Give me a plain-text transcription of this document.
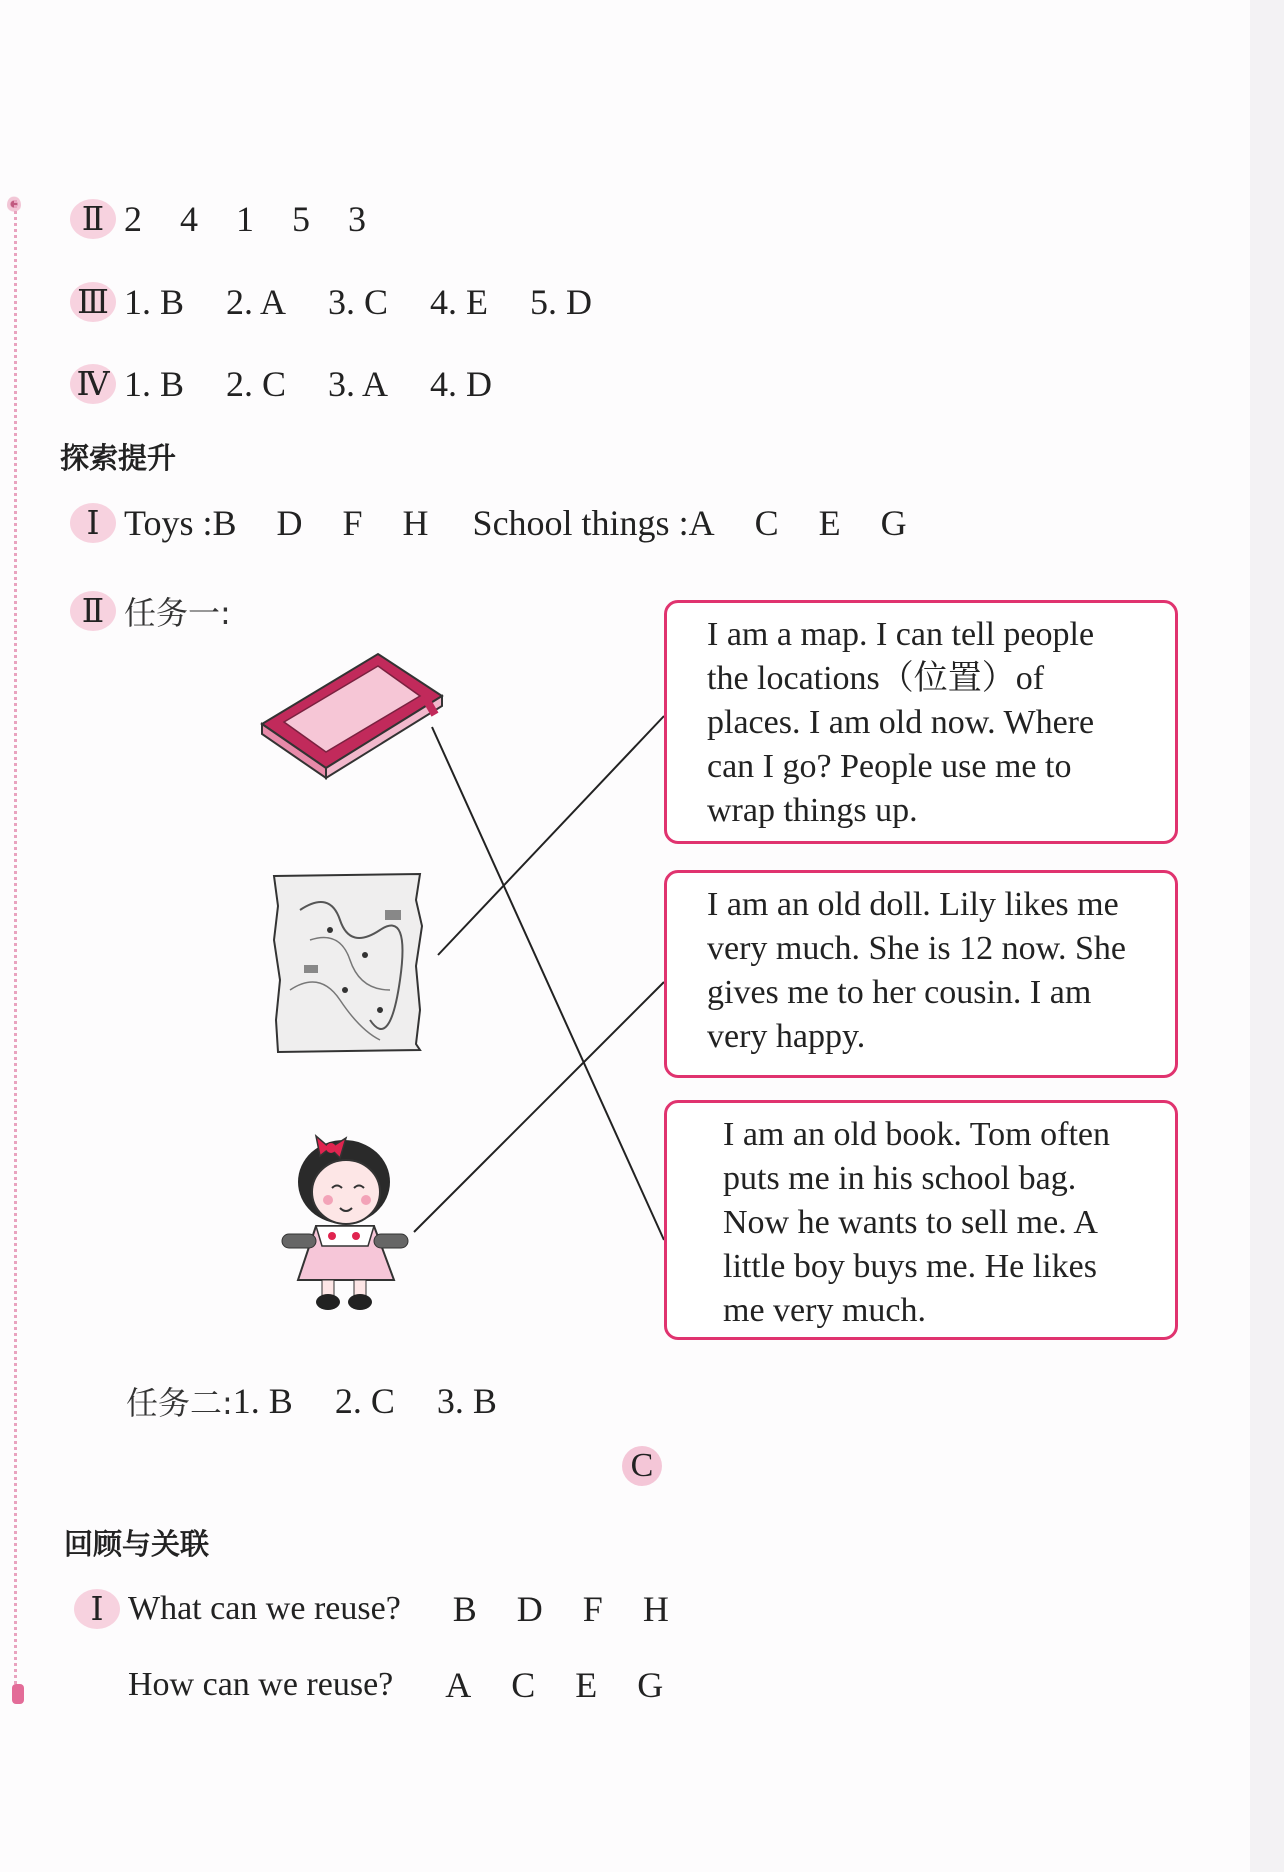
Ⅱ 2 4 1 5 3
Ⅲ 1. B 2. A 3. C 4. E 5. D
Ⅳ 1. B 2. C 3. A 4. D
探索提升
Ⅰ Toys : B D F H School things : A C E G
Ⅱ 任务一:
I am a map. I can tell people
the locations（位置）of
places. I am old now. Where
can I go? People use me to
wrap things up.
I am an old doll. Lily likes me
very much. She is 12 now. She
gives me to her cousin. I am
very happy.
I am an old book. Tom often
puts me in his school bag.
Now he wants to sell me. A
little boy buys me. He likes
me very much.
任务二: 1. B 2. C 3. B
C
回顾与关联
Ⅰ What can we reuse? B D F H
How can we reuse? A C E G
